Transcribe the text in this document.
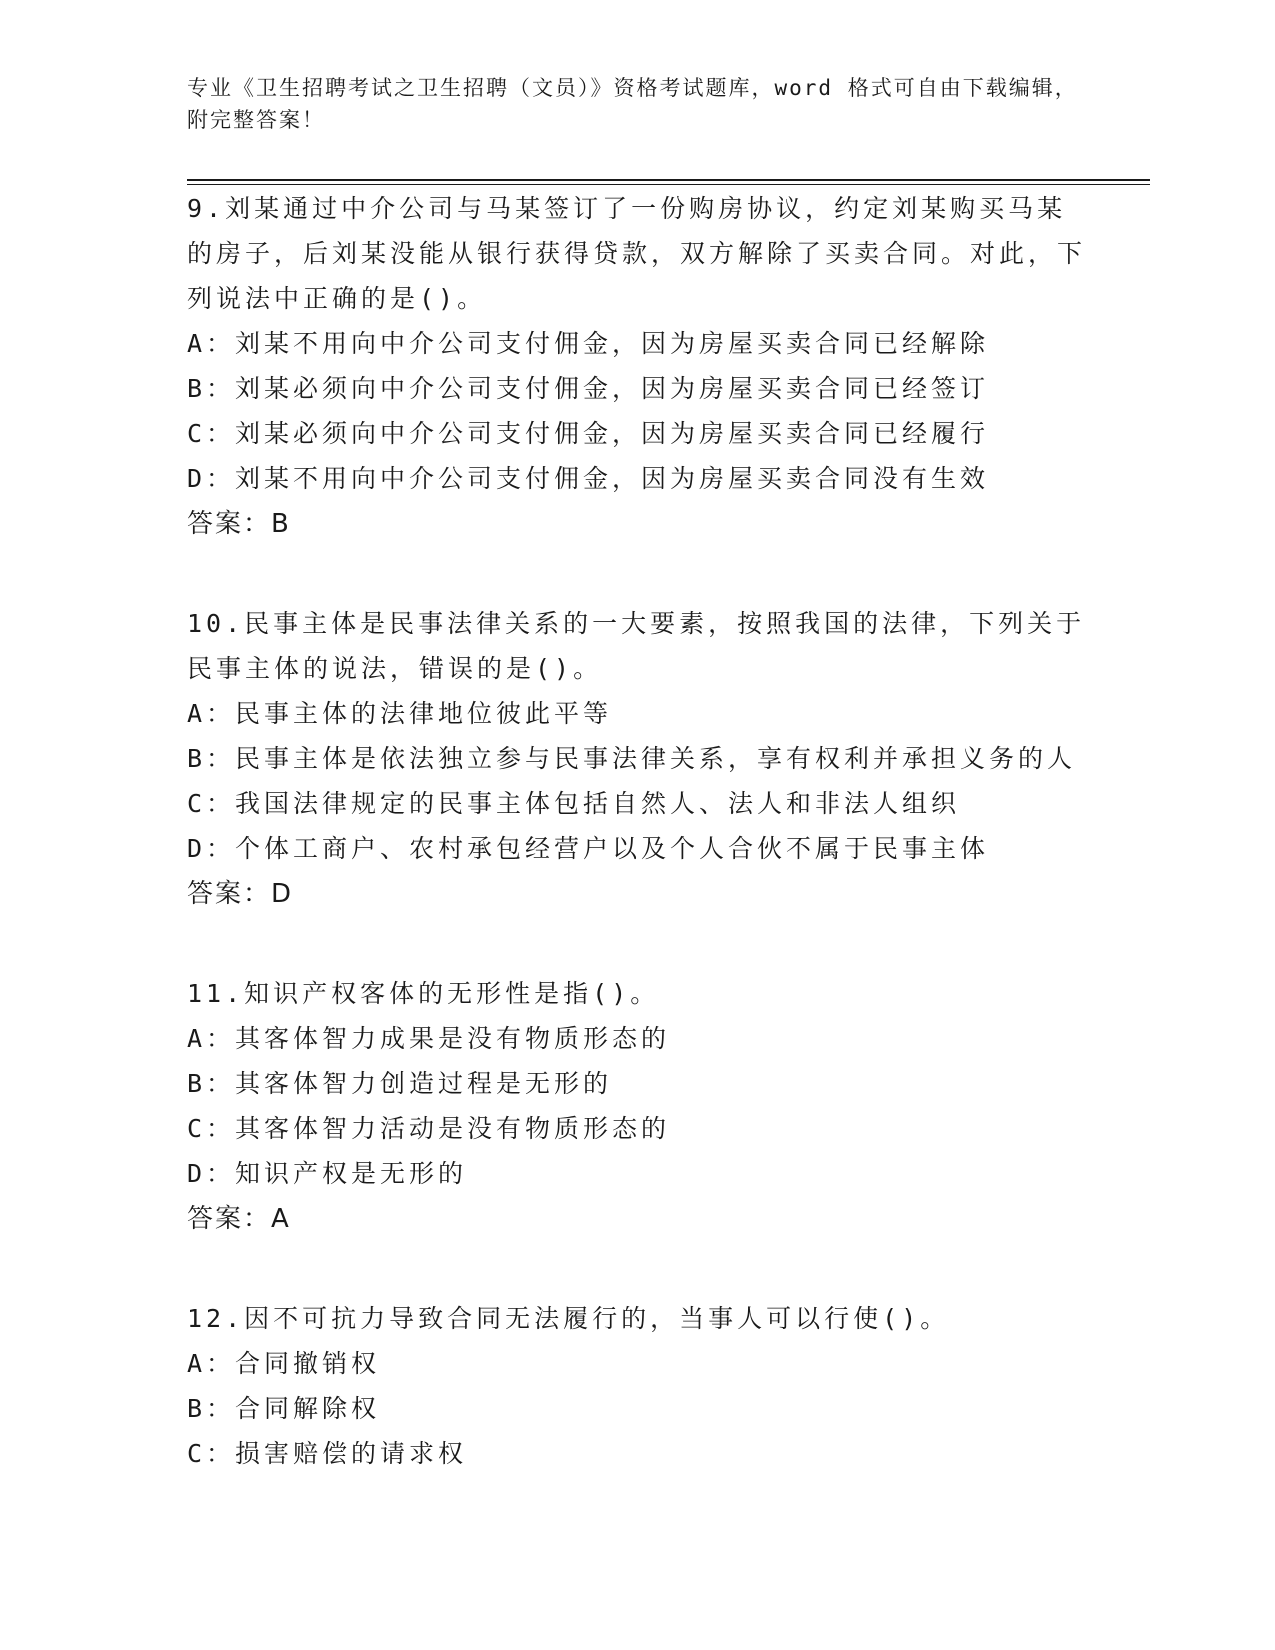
专业《卫生招聘考试之卫生招聘（文员）》资格考试题库，word 格式可自由下载编辑，附完整答案！
9.刘某通过中介公司与马某签订了一份购房协议，约定刘某购买马某的房子，后刘某没能从银行获得贷款，双方解除了买卖合同。对此，下列说法中正确的是()。
A：刘某不用向中介公司支付佣金，因为房屋买卖合同已经解除
B：刘某必须向中介公司支付佣金，因为房屋买卖合同已经签订
C：刘某必须向中介公司支付佣金，因为房屋买卖合同已经履行
D：刘某不用向中介公司支付佣金，因为房屋买卖合同没有生效
答案：B
10.民事主体是民事法律关系的一大要素，按照我国的法律，下列关于民事主体的说法，错误的是()。
A：民事主体的法律地位彼此平等
B：民事主体是依法独立参与民事法律关系，享有权利并承担义务的人
C：我国法律规定的民事主体包括自然人、法人和非法人组织
D：个体工商户、农村承包经营户以及个人合伙不属于民事主体
答案：D
11.知识产权客体的无形性是指()。
A：其客体智力成果是没有物质形态的
B：其客体智力创造过程是无形的
C：其客体智力活动是没有物质形态的
D：知识产权是无形的
答案：A
12.因不可抗力导致合同无法履行的，当事人可以行使()。
A：合同撤销权
B：合同解除权
C：损害赔偿的请求权
